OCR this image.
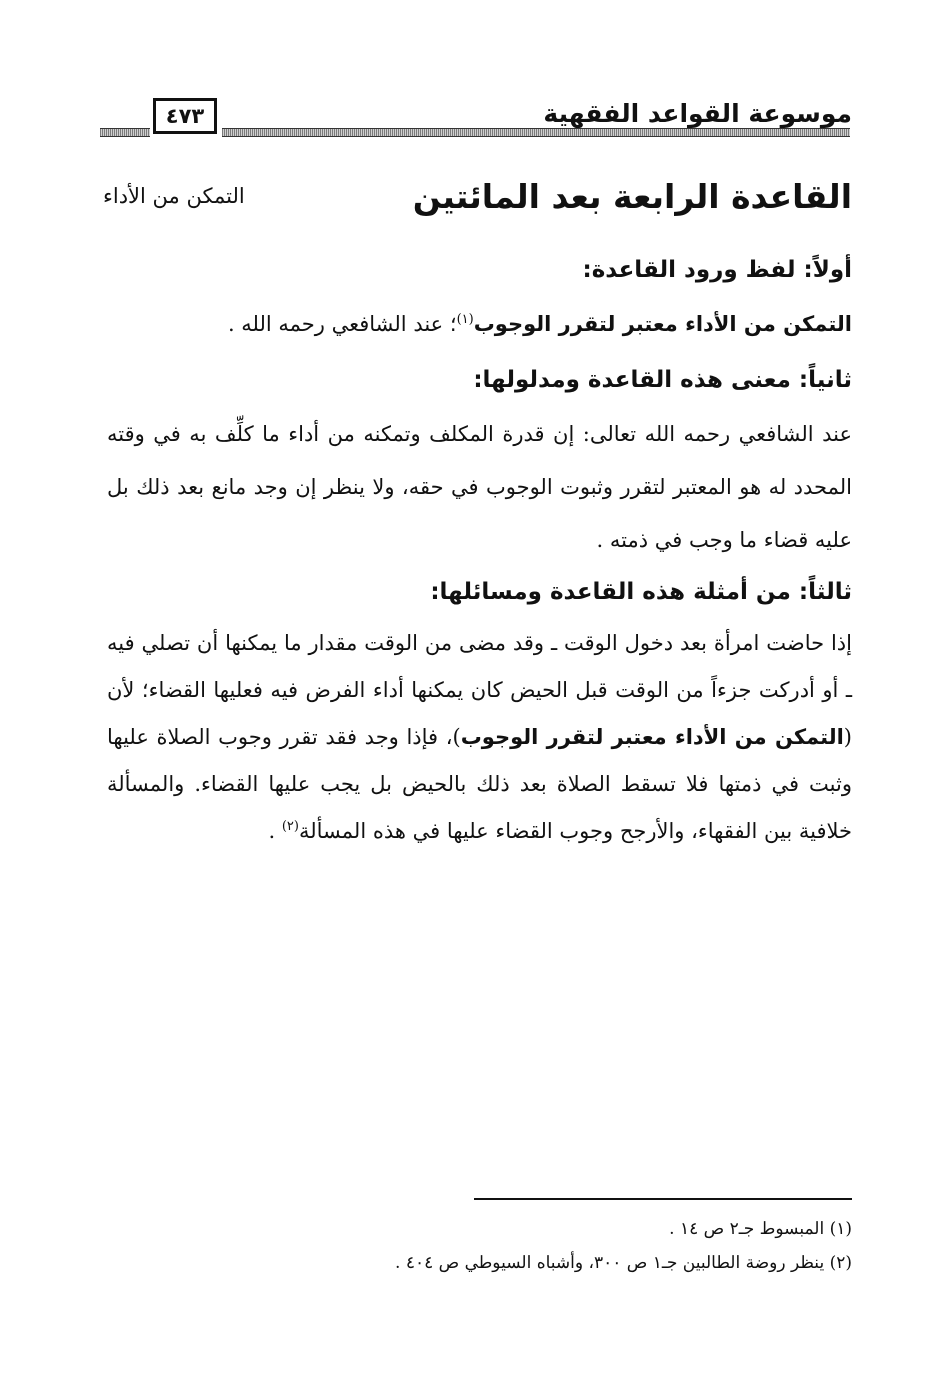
موسوعة القواعد الفقهية
٤٧٣
القاعدة الرابعة بعد المائتين
التمكن من الأداء
أولاً: لفظ ورود القاعدة:

التمكن من الأداء معتبر لتقرر الوجوب$^{(١)}$؛ عند الشافعي رحمه الله .

ثانياً: معنى هذه القاعدة ومدلولها:

عند الشافعي رحمه الله تعالى: إن قدرة المكلف وتمكنه من أداء ما كلِّف به في وقته المحدد له هو المعتبر لتقرر وثبوت الوجوب في حقه، ولا ينظر إن وجد مانع بعد ذلك بل عليه قضاء ما وجب في ذمته .

ثالثاً: من أمثلة هذه القاعدة ومسائلها:

إذا حاضت امرأة بعد دخول الوقت ـ وقد مضى من الوقت مقدار ما يمكنها أن تصلي فيه ـ أو أدركت جزءاً من الوقت قبل الحيض كان يمكنها أداء الفرض فيه فعليها القضاء؛ لأن (التمكن من الأداء معتبر لتقرر الوجوب)، فإذا وجد فقد تقرر وجوب الصلاة عليها وثبت في ذمتها فلا تسقط الصلاة بعد ذلك بالحيض بل يجب عليها القضاء. والمسألة خلافية بين الفقهاء، والأرجح وجوب القضاء عليها في هذه المسألة$^{(٢)}$ .

(١) المبسوط جـ٢ ص ١٤ .

(٢) ينظر روضة الطالبين جـ١ ص ٣٠٠، وأشباه السيوطي ص ٤٠٤ .
